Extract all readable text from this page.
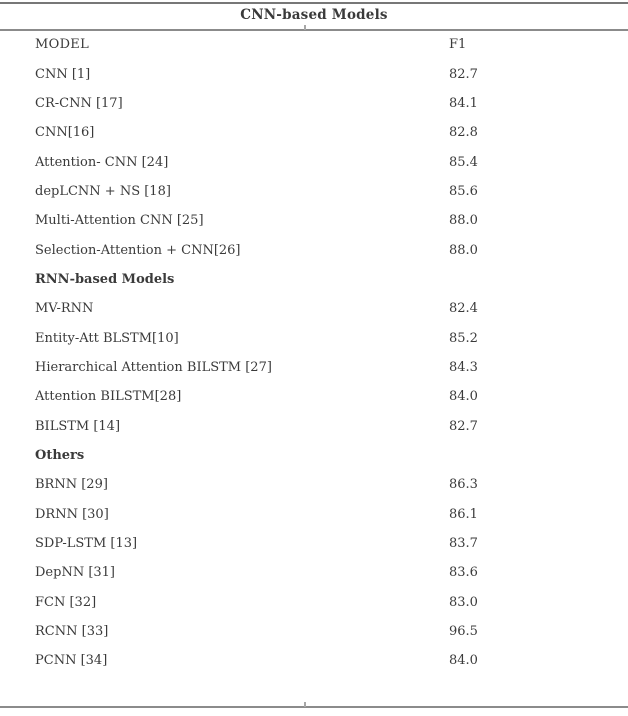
CNN-based Models
MODEL	F1
CNN [1]	82.7
CR-CNN [17]	84.1
CNN[16]	82.8
Attention- CNN [24]	85.4
depLCNN + NS [18]	85.6
Multi-Attention CNN [25]	88.0
Selection-Attention + CNN[26]	88.0
RNN-based Models
MV-RNN	82.4
Entity-Att BLSTM[10]	85.2
Hierarchical Attention BILSTM [27]	84.3
Attention BILSTM[28]	84.0
BILSTM [14]	82.7
Others
BRNN [29]	86.3
DRNN [30]	86.1
SDP-LSTM [13]	83.7
DepNN [31]	83.6
FCN [32]	83.0
RCNN [33]	96.5
PCNN [34]	84.0
